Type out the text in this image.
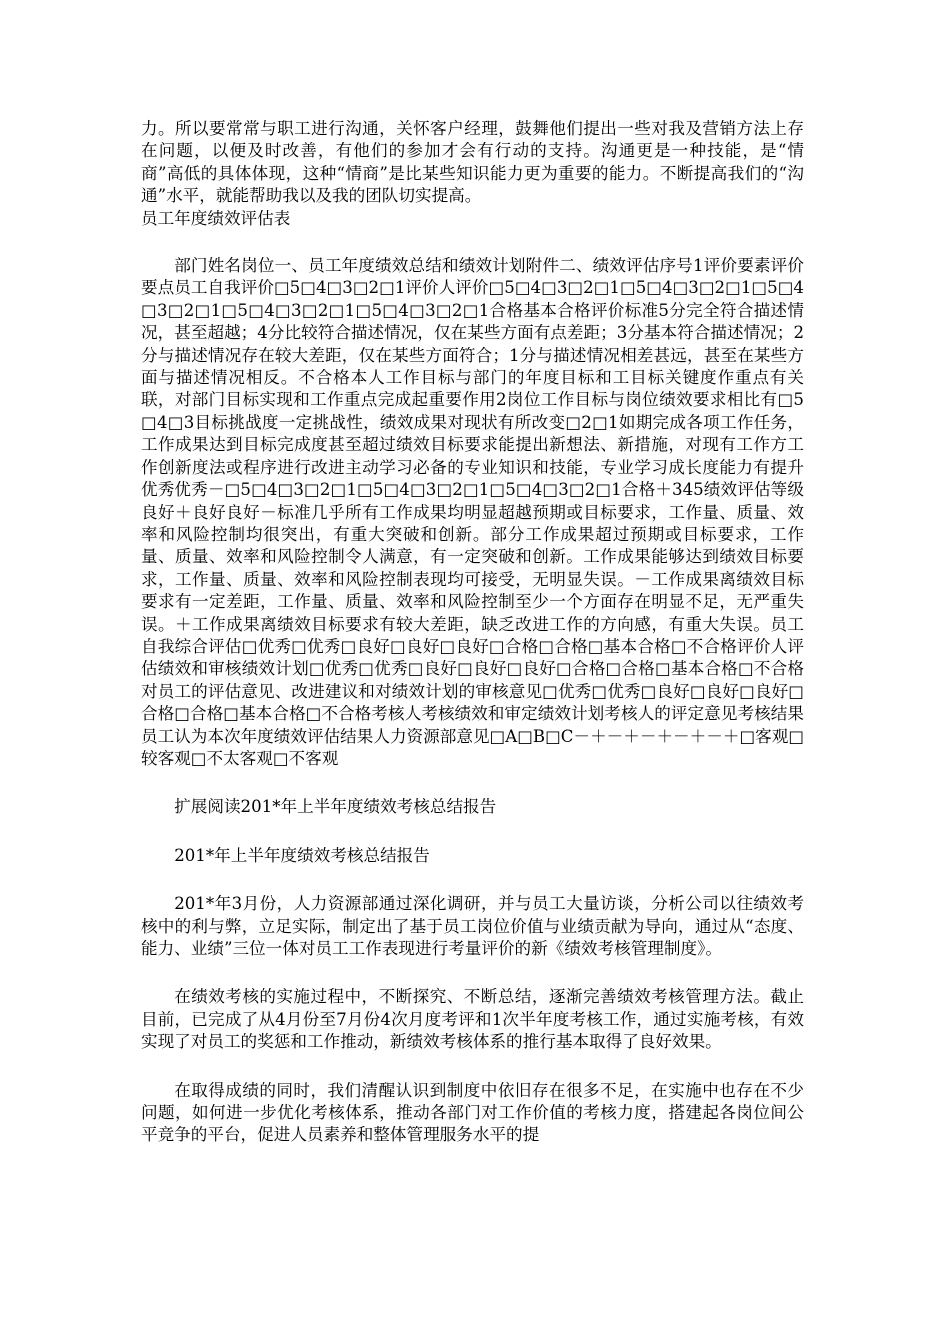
力。所以要常常与职工进行沟通，关怀客户经理，鼓舞他们提出一些对我及营销方法上存在问题，以便及时改善，有他们的参加才会有行动的支持。沟通更是一种技能，是“情商”高低的具体体现，这种“情商”是比某些知识能力更为重要的能力。不断提高我们的“沟通”水平，就能帮助我以及我的团队切实提高。

员工年度绩效评估表

部门姓名岗位一、员工年度绩效总结和绩效计划附件二、绩效评估序号1评价要素评价要点员工自我评价□5□4□3□2□1评价人评价□5□4□3□2□1□5□4□3□2□1□5□4□3□2□1□5□4□3□2□1□5□4□3□2□1合格基本合格评价标准5分完全符合描述情况，甚至超越；4分比较符合描述情况，仅在某些方面有点差距；3分基本符合描述情况；2分与描述情况存在较大差距，仅在某些方面符合；1分与描述情况相差甚远，甚至在某些方面与描述情况相反。不合格本人工作目标与部门的年度目标和工目标关键度作重点有关联，对部门目标实现和工作重点完成起重要作用2岗位工作目标与岗位绩效要求相比有□5□4□3目标挑战度一定挑战性，绩效成果对现状有所改变□2□1如期完成各项工作任务，工作成果达到目标完成度甚至超过绩效目标要求能提出新想法、新措施，对现有工作方工作创新度法或程序进行改进主动学习必备的专业知识和技能，专业学习成长度能力有提升优秀优秀－□5□4□3□2□1□5□4□3□2□1□5□4□3□2□1合格＋345绩效评估等级良好＋良好良好－标准几乎所有工作成果均明显超越预期或目标要求，工作量、质量、效率和风险控制均很突出，有重大突破和创新。部分工作成果超过预期或目标要求，工作量、质量、效率和风险控制令人满意，有一定突破和创新。工作成果能够达到绩效目标要求，工作量、质量、效率和风险控制表现均可接受，无明显失误。－工作成果离绩效目标要求有一定差距，工作量、质量、效率和风险控制至少一个方面存在明显不足，无严重失误。＋工作成果离绩效目标要求有较大差距，缺乏改进工作的方向感，有重大失误。员工自我综合评估□优秀□优秀□良好□良好□良好□合格□合格□基本合格□不合格评价人评估绩效和审核绩效计划□优秀□优秀□良好□良好□良好□合格□合格□基本合格□不合格对员工的评估意见、改进建议和对绩效计划的审核意见□优秀□优秀□良好□良好□良好□合格□合格□基本合格□不合格考核人考核绩效和审定绩效计划考核人的评定意见考核结果员工认为本次年度绩效评估结果人力资源部意见□A□B□C－＋－＋－＋－＋－＋□客观□较客观□不太客观□不客观

扩展阅读201*年上半年度绩效考核总结报告

201*年上半年度绩效考核总结报告

201*年3月份，人力资源部通过深化调研，并与员工大量访谈，分析公司以往绩效考核中的利与弊，立足实际，制定出了基于员工岗位价值与业绩贡献为导向，通过从“态度、能力、业绩”三位一体对员工工作表现进行考量评价的新《绩效考核管理制度》。

在绩效考核的实施过程中，不断探究、不断总结，逐渐完善绩效考核管理方法。截止目前，已完成了从4月份至7月份4次月度考评和1次半年度考核工作，通过实施考核，有效实现了对员工的奖惩和工作推动，新绩效考核体系的推行基本取得了良好效果。

在取得成绩的同时，我们清醒认识到制度中依旧存在很多不足，在实施中也存在不少问题，如何进一步优化考核体系，推动各部门对工作价值的考核力度，搭建起各岗位间公平竞争的平台，促进人员素养和整体管理服务水平的提
